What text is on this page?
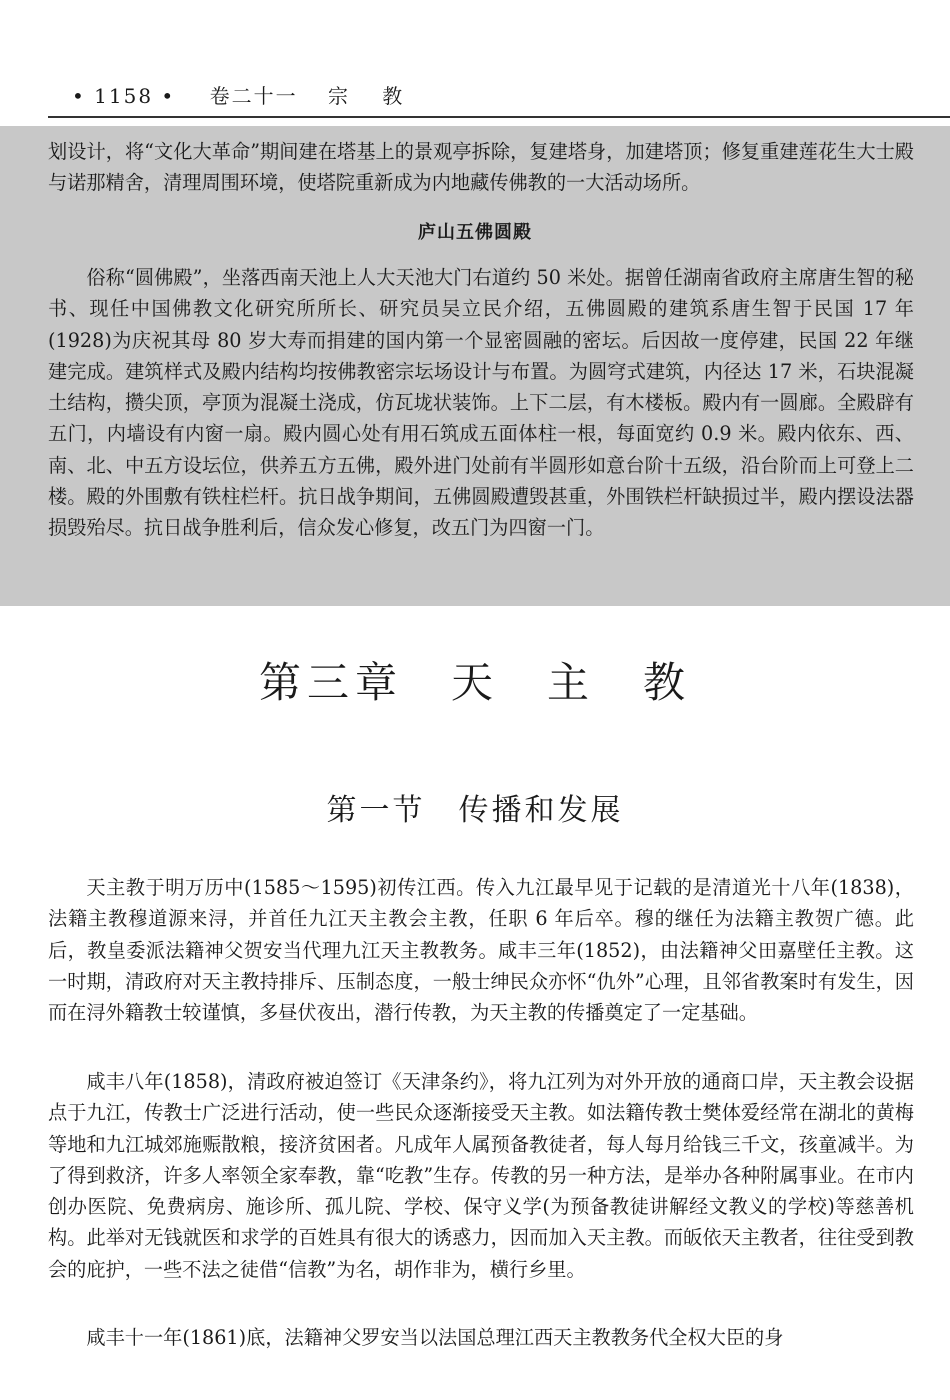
• 1158 • 卷二十一 宗 教

划设计，将“文化大革命”期间建在塔基上的景观亭拆除，复建塔身，加建塔顶；修复重建莲花生大士殿与诺那精舍，清理周围环境，使塔院重新成为内地藏传佛教的一大活动场所。

庐山五佛圆殿

俗称“圆佛殿”，坐落西南天池上人大天池大门右道约 50 米处。据曾任湖南省政府主席唐生智的秘书、现任中国佛教文化研究所所长、研究员吴立民介绍，五佛圆殿的建筑系唐生智于民国 17 年(1928)为庆祝其母 80 岁大寿而捐建的国内第一个显密圆融的密坛。后因故一度停建，民国 22 年继建完成。建筑样式及殿内结构均按佛教密宗坛场设计与布置。为圆穹式建筑，内径达 17 米，石块混凝土结构，攒尖顶，亭顶为混凝土浇成，仿瓦垅状装饰。上下二层，有木楼板。殿内有一圆廊。全殿辟有五门，内墙设有内窗一扇。殿内圆心处有用石筑成五面体柱一根，每面宽约 0.9 米。殿内依东、西、南、北、中五方设坛位，供养五方五佛，殿外进门处前有半圆形如意台阶十五级，沿台阶而上可登上二楼。殿的外围敷有铁柱栏杆。抗日战争期间，五佛圆殿遭毁甚重，外围铁栏杆缺损过半，殿内摆设法器损毁殆尽。抗日战争胜利后，信众发心修复，改五门为四窗一门。

第三章　天　主　教
第一节　传播和发展

天主教于明万历中(1585～1595)初传江西。传入九江最早见于记载的是清道光十八年(1838)，法籍主教穆道源来浔，并首任九江天主教会主教，任职 6 年后卒。穆的继任为法籍主教贺广德。此后，教皇委派法籍神父贺安当代理九江天主教教务。咸丰三年(1852)，由法籍神父田嘉壁任主教。这一时期，清政府对天主教持排斥、压制态度，一般士绅民众亦怀“仇外”心理，且邻省教案时有发生，因而在浔外籍教士较谨慎，多昼伏夜出，潜行传教，为天主教的传播奠定了一定基础。

咸丰八年(1858)，清政府被迫签订《天津条约》，将九江列为对外开放的通商口岸，天主教会设据点于九江，传教士广泛进行活动，使一些民众逐渐接受天主教。如法籍传教士樊体爱经常在湖北的黄梅等地和九江城郊施赈散粮，接济贫困者。凡成年人属预备教徒者，每人每月给钱三千文，孩童减半。为了得到救济，许多人率领全家奉教，靠“吃教”生存。传教的另一种方法，是举办各种附属事业。在市内创办医院、免费病房、施诊所、孤儿院、学校、保守义学(为预备教徒讲解经文教义的学校)等慈善机构。此举对无钱就医和求学的百姓具有很大的诱惑力，因而加入天主教。而皈依天主教者，往往受到教会的庇护，一些不法之徒借“信教”为名，胡作非为，横行乡里。

咸丰十一年(1861)底，法籍神父罗安当以法国总理江西天主教教务代全权大臣的身
